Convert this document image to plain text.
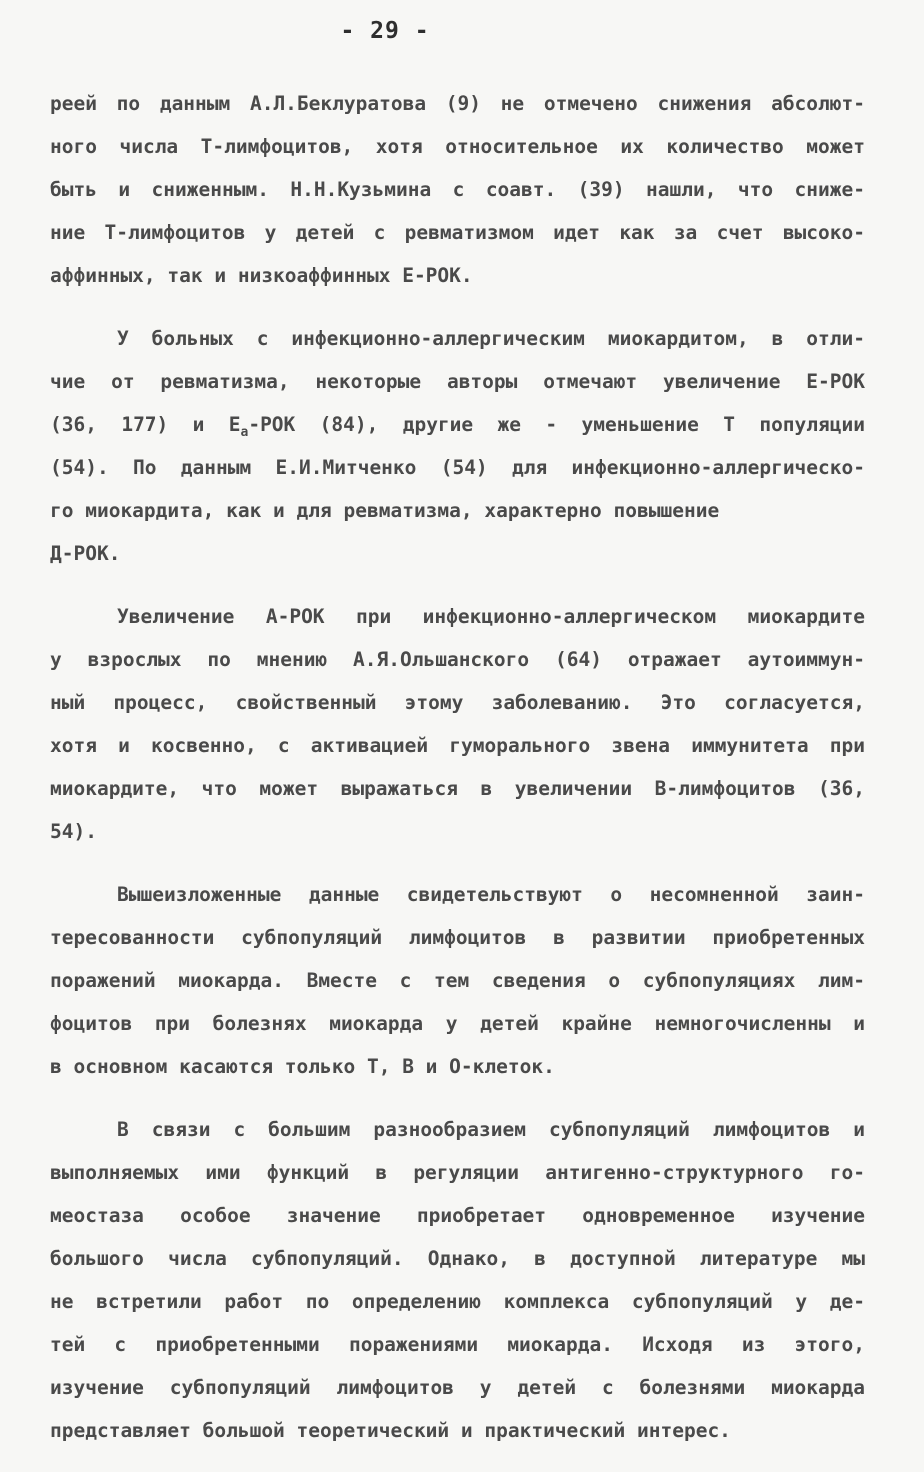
- 29 -
реей по данным А.Л.Беклуратова (9) не отмечено снижения абсолют-
ного числа Т-лимфоцитов, хотя относительное их количество может
быть и сниженным. Н.Н.Кузьмина с соавт. (39) нашли, что сниже-
ние Т-лимфоцитов у детей с ревматизмом идет как за счет высоко-
аффинных, так и низкоаффинных Е-РОК.
У больных с инфекционно-аллергическим миокардитом, в отли-
чие от ревматизма, некоторые авторы отмечают увеличение Е-РОК
(36, 177) и $Е_а$-РОК (84), другие же - уменьшение Т популяции
(54). По данным Е.И.Митченко (54) для инфекционно-аллергическо-
го миокардита, как и для ревматизма, характерно повышение
Д-РОК.
Увеличение А-РОК при инфекционно-аллергическом миокардите
у взрослых по мнению А.Я.Ольшанского (64) отражает аутоиммун-
ный процесс, свойственный этому заболеванию. Это согласуется,
хотя и косвенно, с активацией гуморального звена иммунитета при
миокардите, что может выражаться в увеличении В-лимфоцитов (36,
54).
Вышеизложенные данные свидетельствуют о несомненной заин-
тересованности субпопуляций лимфоцитов в развитии приобретенных
поражений миокарда. Вместе с тем сведения о субпопуляциях лим-
фоцитов при болезнях миокарда у детей крайне немногочисленны и
в основном касаются только Т, В и О-клеток.
В связи с большим разнообразием субпопуляций лимфоцитов и
выполняемых ими функций в регуляции антигенно-структурного го-
меостаза особое значение приобретает одновременное изучение
большого числа субпопуляций. Однако, в доступной литературе мы
не встретили работ по определению комплекса субпопуляций у де-
тей с приобретенными поражениями миокарда. Исходя из этого,
изучение субпопуляций лимфоцитов у детей с болезнями миокарда
представляет большой теоретический и практический интерес.
